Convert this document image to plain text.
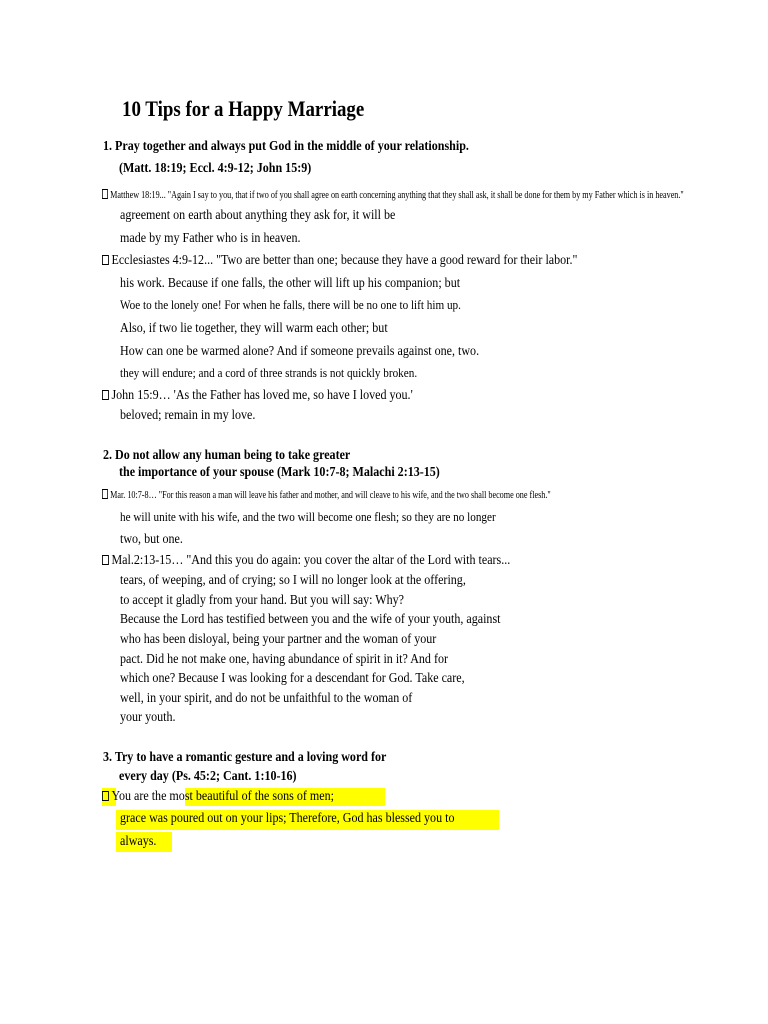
10 Tips for a Happy Marriage
1. Pray together and always put God in the middle of your relationship.
(Matt. 18:19; Eccl. 4:9-12; John 15:9)
Matthew 18:19... "Again I say to you, that if two of you shall agree on earth concerning anything that they shall ask, it shall be done for them by my Father which is in heaven."
agreement on earth about anything they ask for, it will be
made by my Father who is in heaven.
Ecclesiastes 4:9-12... "Two are better than one; because they have a good reward for their labor."
his work. Because if one falls, the other will lift up his companion; but
Woe to the lonely one! For when he falls, there will be no one to lift him up.
Also, if two lie together, they will warm each other; but
How can one be warmed alone? And if someone prevails against one, two.
they will endure; and a cord of three strands is not quickly broken.
John 15:9… 'As the Father has loved me, so have I loved you.'
beloved; remain in my love.
2. Do not allow any human being to take greater
the importance of your spouse (Mark 10:7-8; Malachi 2:13-15)
Mar. 10:7-8… "For this reason a man will leave his father and mother, and will cleave to his wife, and the two shall become one flesh."
he will unite with his wife, and the two will become one flesh; so they are no longer
two, but one.
Mal.2:13-15… "And this you do again: you cover the altar of the Lord with tears...
tears, of weeping, and of crying; so I will no longer look at the offering,
to accept it gladly from your hand. But you will say: Why?
Because the Lord has testified between you and the wife of your youth, against
who has been disloyal, being your partner and the woman of your
pact. Did he not make one, having abundance of spirit in it? And for
which one? Because I was looking for a descendant for God. Take care,
well, in your spirit, and do not be unfaithful to the woman of
your youth.
3. Try to have a romantic gesture and a loving word for
every day (Ps. 45:2; Cant. 1:10-16)
You are the most beautiful of the sons of men;
grace was poured out on your lips; Therefore, God has blessed you to
always.
